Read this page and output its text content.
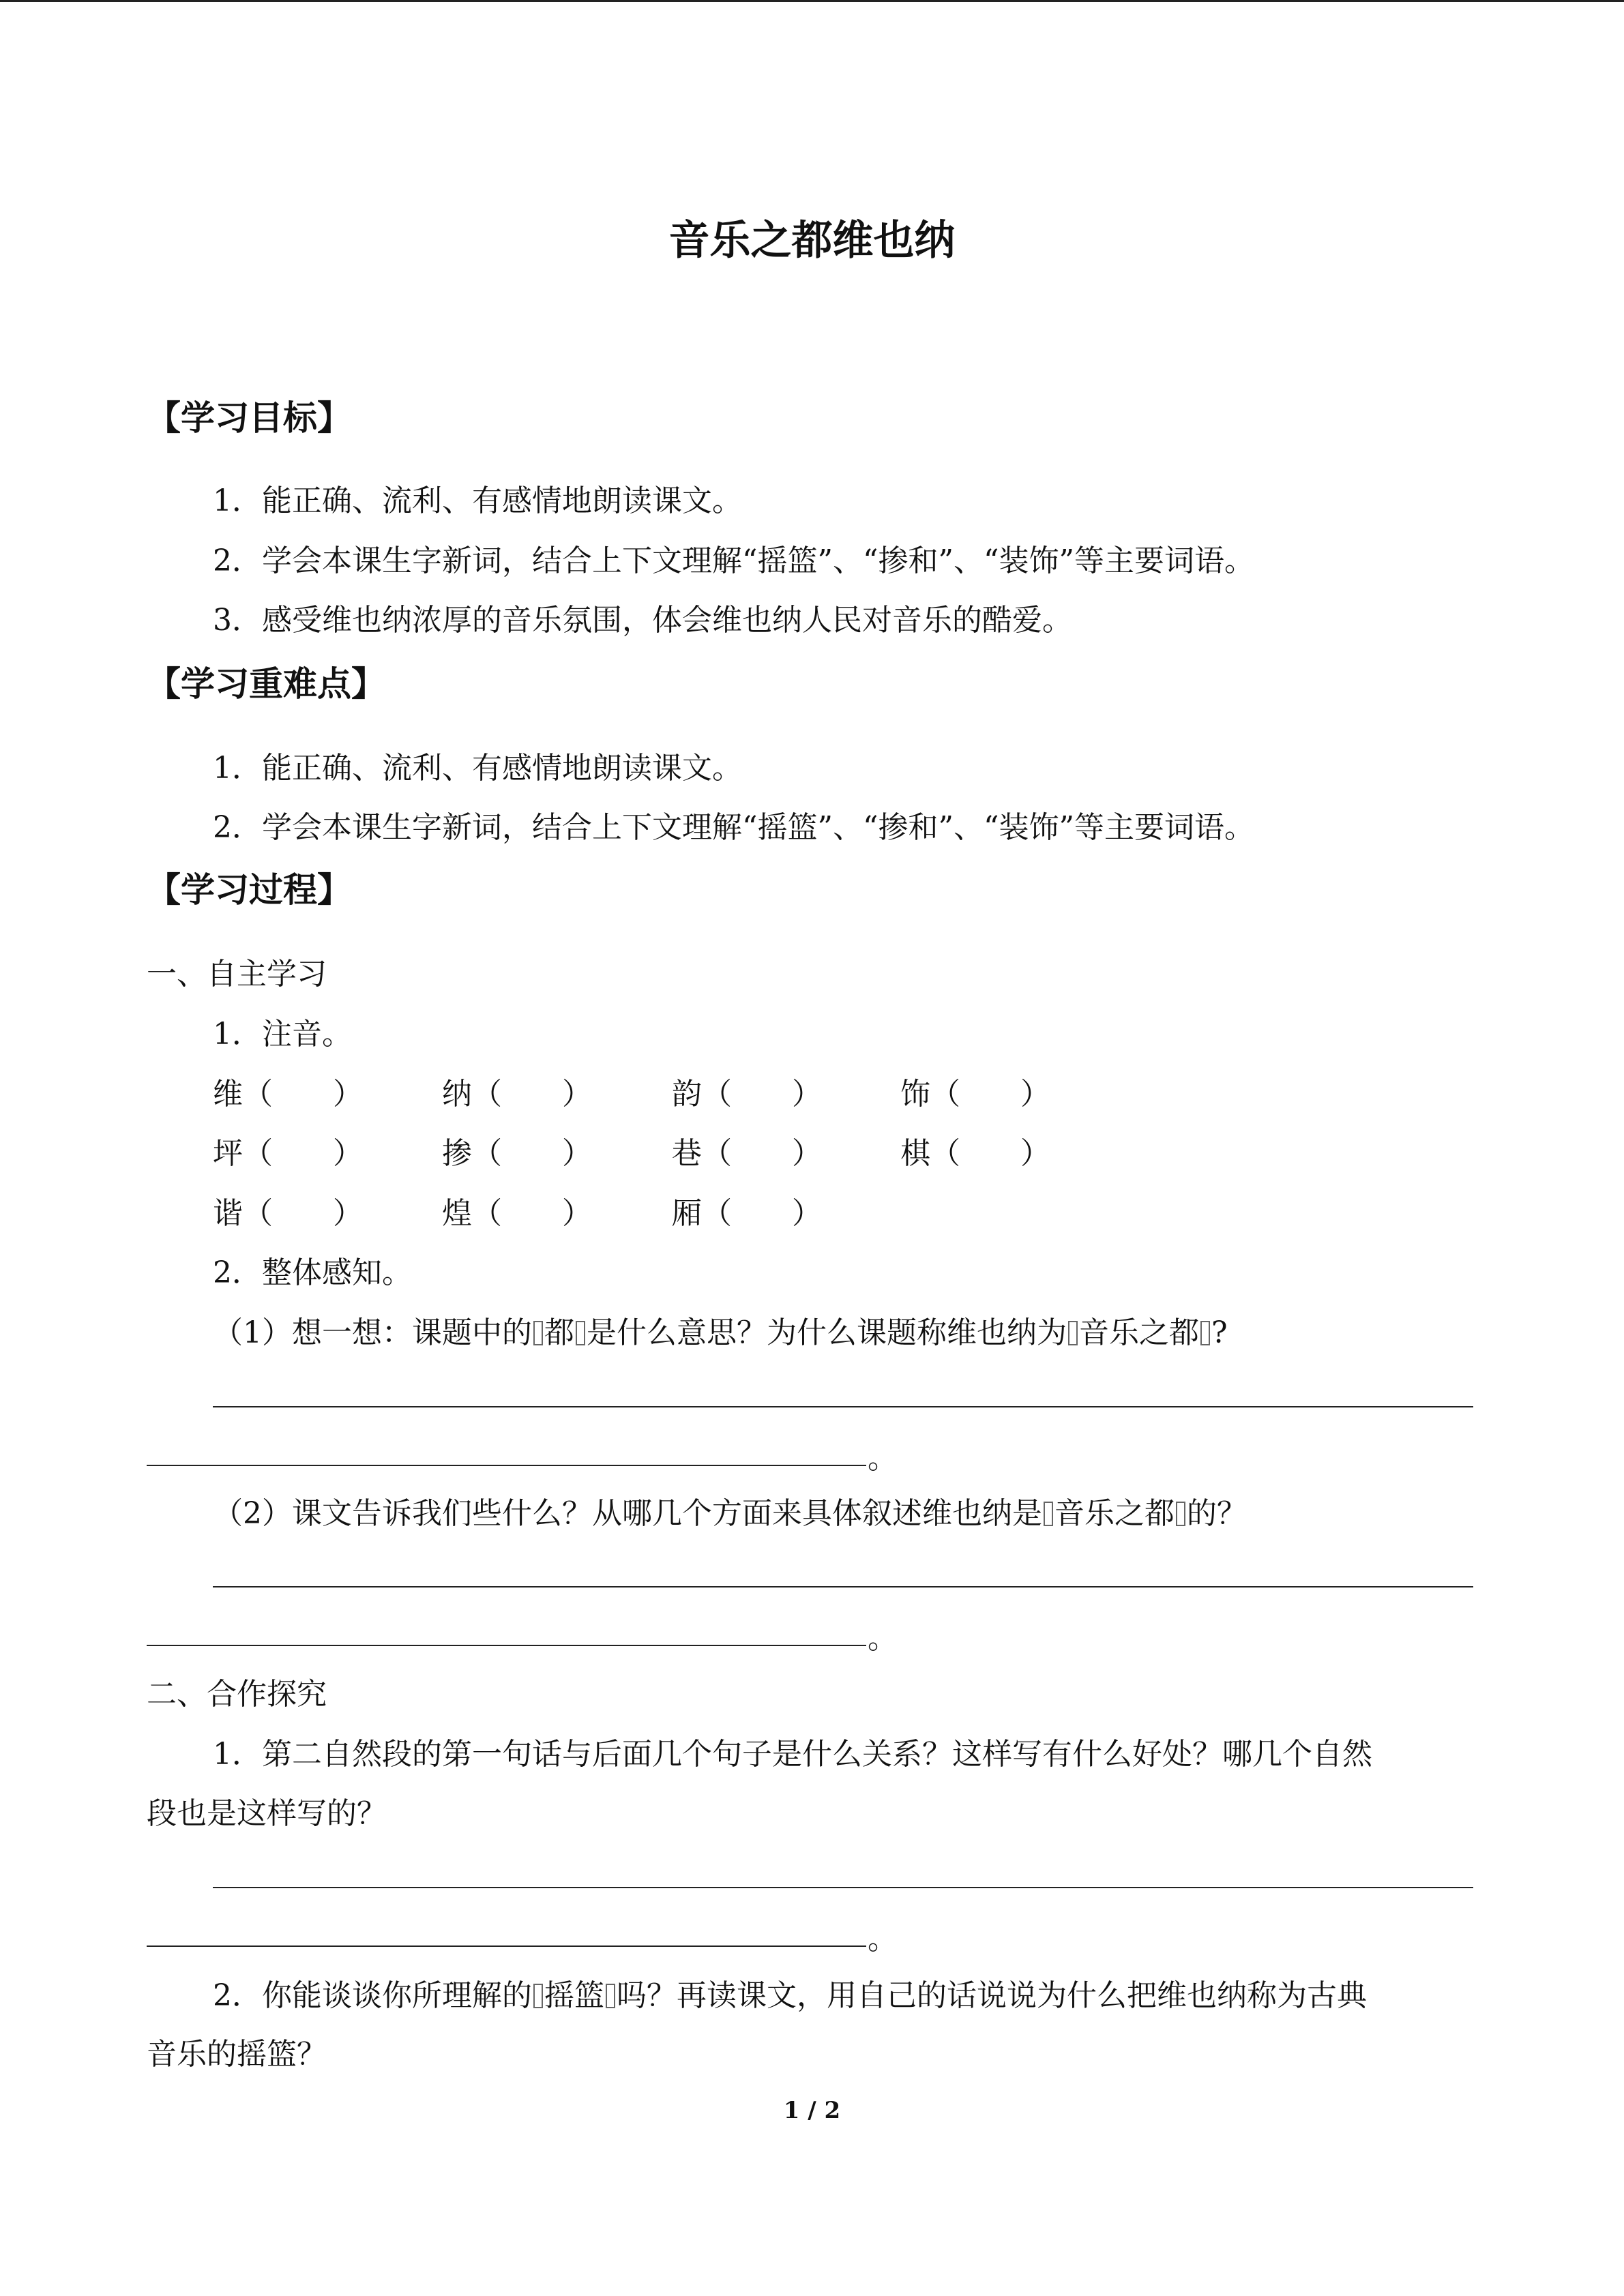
音乐之都维也纳
【学习目标】
1．能正确、流利、有感情地朗读课文。
2．学会本课生字新词，结合上下文理解“摇篮”、“掺和”、“装饰”等主要词语。
3．感受维也纳浓厚的音乐氛围，体会维也纳人民对音乐的酷爱。
【学习重难点】
1．能正确、流利、有感情地朗读课文。
2．学会本课生字新词，结合上下文理解“摇篮”、“掺和”、“装饰”等主要词语。
【学习过程】
一、自主学习
1．注音。
维（　　）	纳（　　）	韵（　　）	饰（　　）
坪（　　）	掺（　　）	巷（　　）	棋（　　）
谐（　　）	煌（　　）	厢（　　）
2．整体感知。
（1）想一想：课题中的 都 是什么意思？为什么课题称维也纳为 音乐之都 ?
。
（2）课文告诉我们些什么？从哪几个方面来具体叙述维也纳是 音乐之都 的？
。
二、合作探究
1．第二自然段的第一句话与后面几个句子是什么关系？这样写有什么好处？哪几个自然
段也是这样写的？
。
2．你能谈谈你所理解的 摇篮 吗？再读课文，用自己的话说说为什么把维也纳称为古典
音乐的摇篮？
1 / 2
